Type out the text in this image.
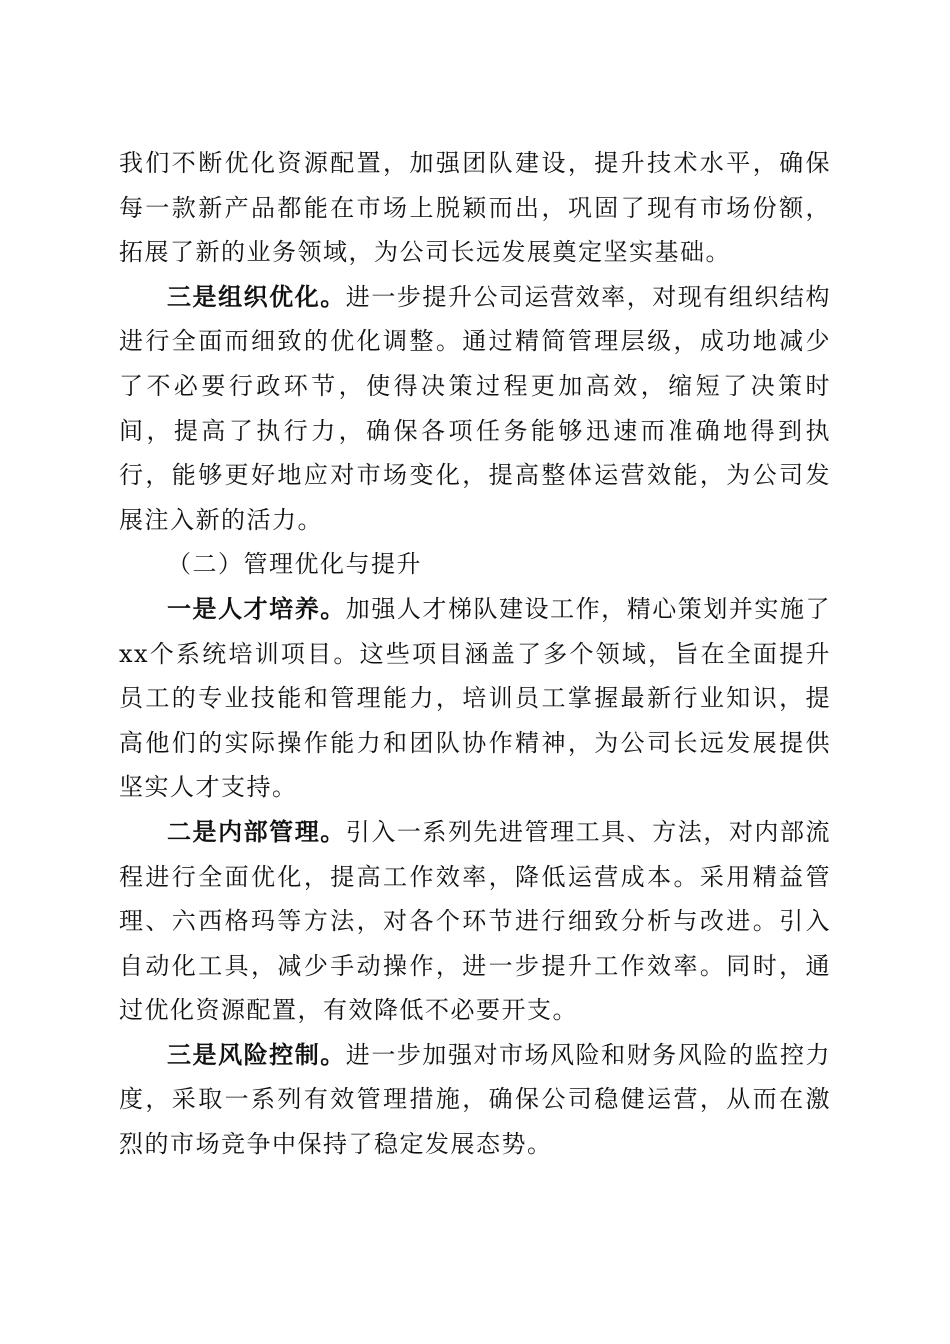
我们不断优化资源配置，加强团队建设，提升技术水平，确保每一款新产品都能在市场上脱颖而出，巩固了现有市场份额，拓展了新的业务领域，为公司长远发展奠定坚实基础。

三是组织优化。进一步提升公司运营效率，对现有组织结构进行全面而细致的优化调整。通过精简管理层级，成功地减少了不必要行政环节，使得决策过程更加高效，缩短了决策时间，提高了执行力，确保各项任务能够迅速而准确地得到执行，能够更好地应对市场变化，提高整体运营效能，为公司发展注入新的活力。

（二）管理优化与提升

一是人才培养。加强人才梯队建设工作，精心策划并实施了xx个系统培训项目。这些项目涵盖了多个领域，旨在全面提升员工的专业技能和管理能力，培训员工掌握最新行业知识，提高他们的实际操作能力和团队协作精神，为公司长远发展提供坚实人才支持。

二是内部管理。引入一系列先进管理工具、方法，对内部流程进行全面优化，提高工作效率，降低运营成本。采用精益管理、六西格玛等方法，对各个环节进行细致分析与改进。引入自动化工具，减少手动操作，进一步提升工作效率。同时，通过优化资源配置，有效降低不必要开支。

三是风险控制。进一步加强对市场风险和财务风险的监控力度，采取一系列有效管理措施，确保公司稳健运营，从而在激烈的市场竞争中保持了稳定发展态势。
